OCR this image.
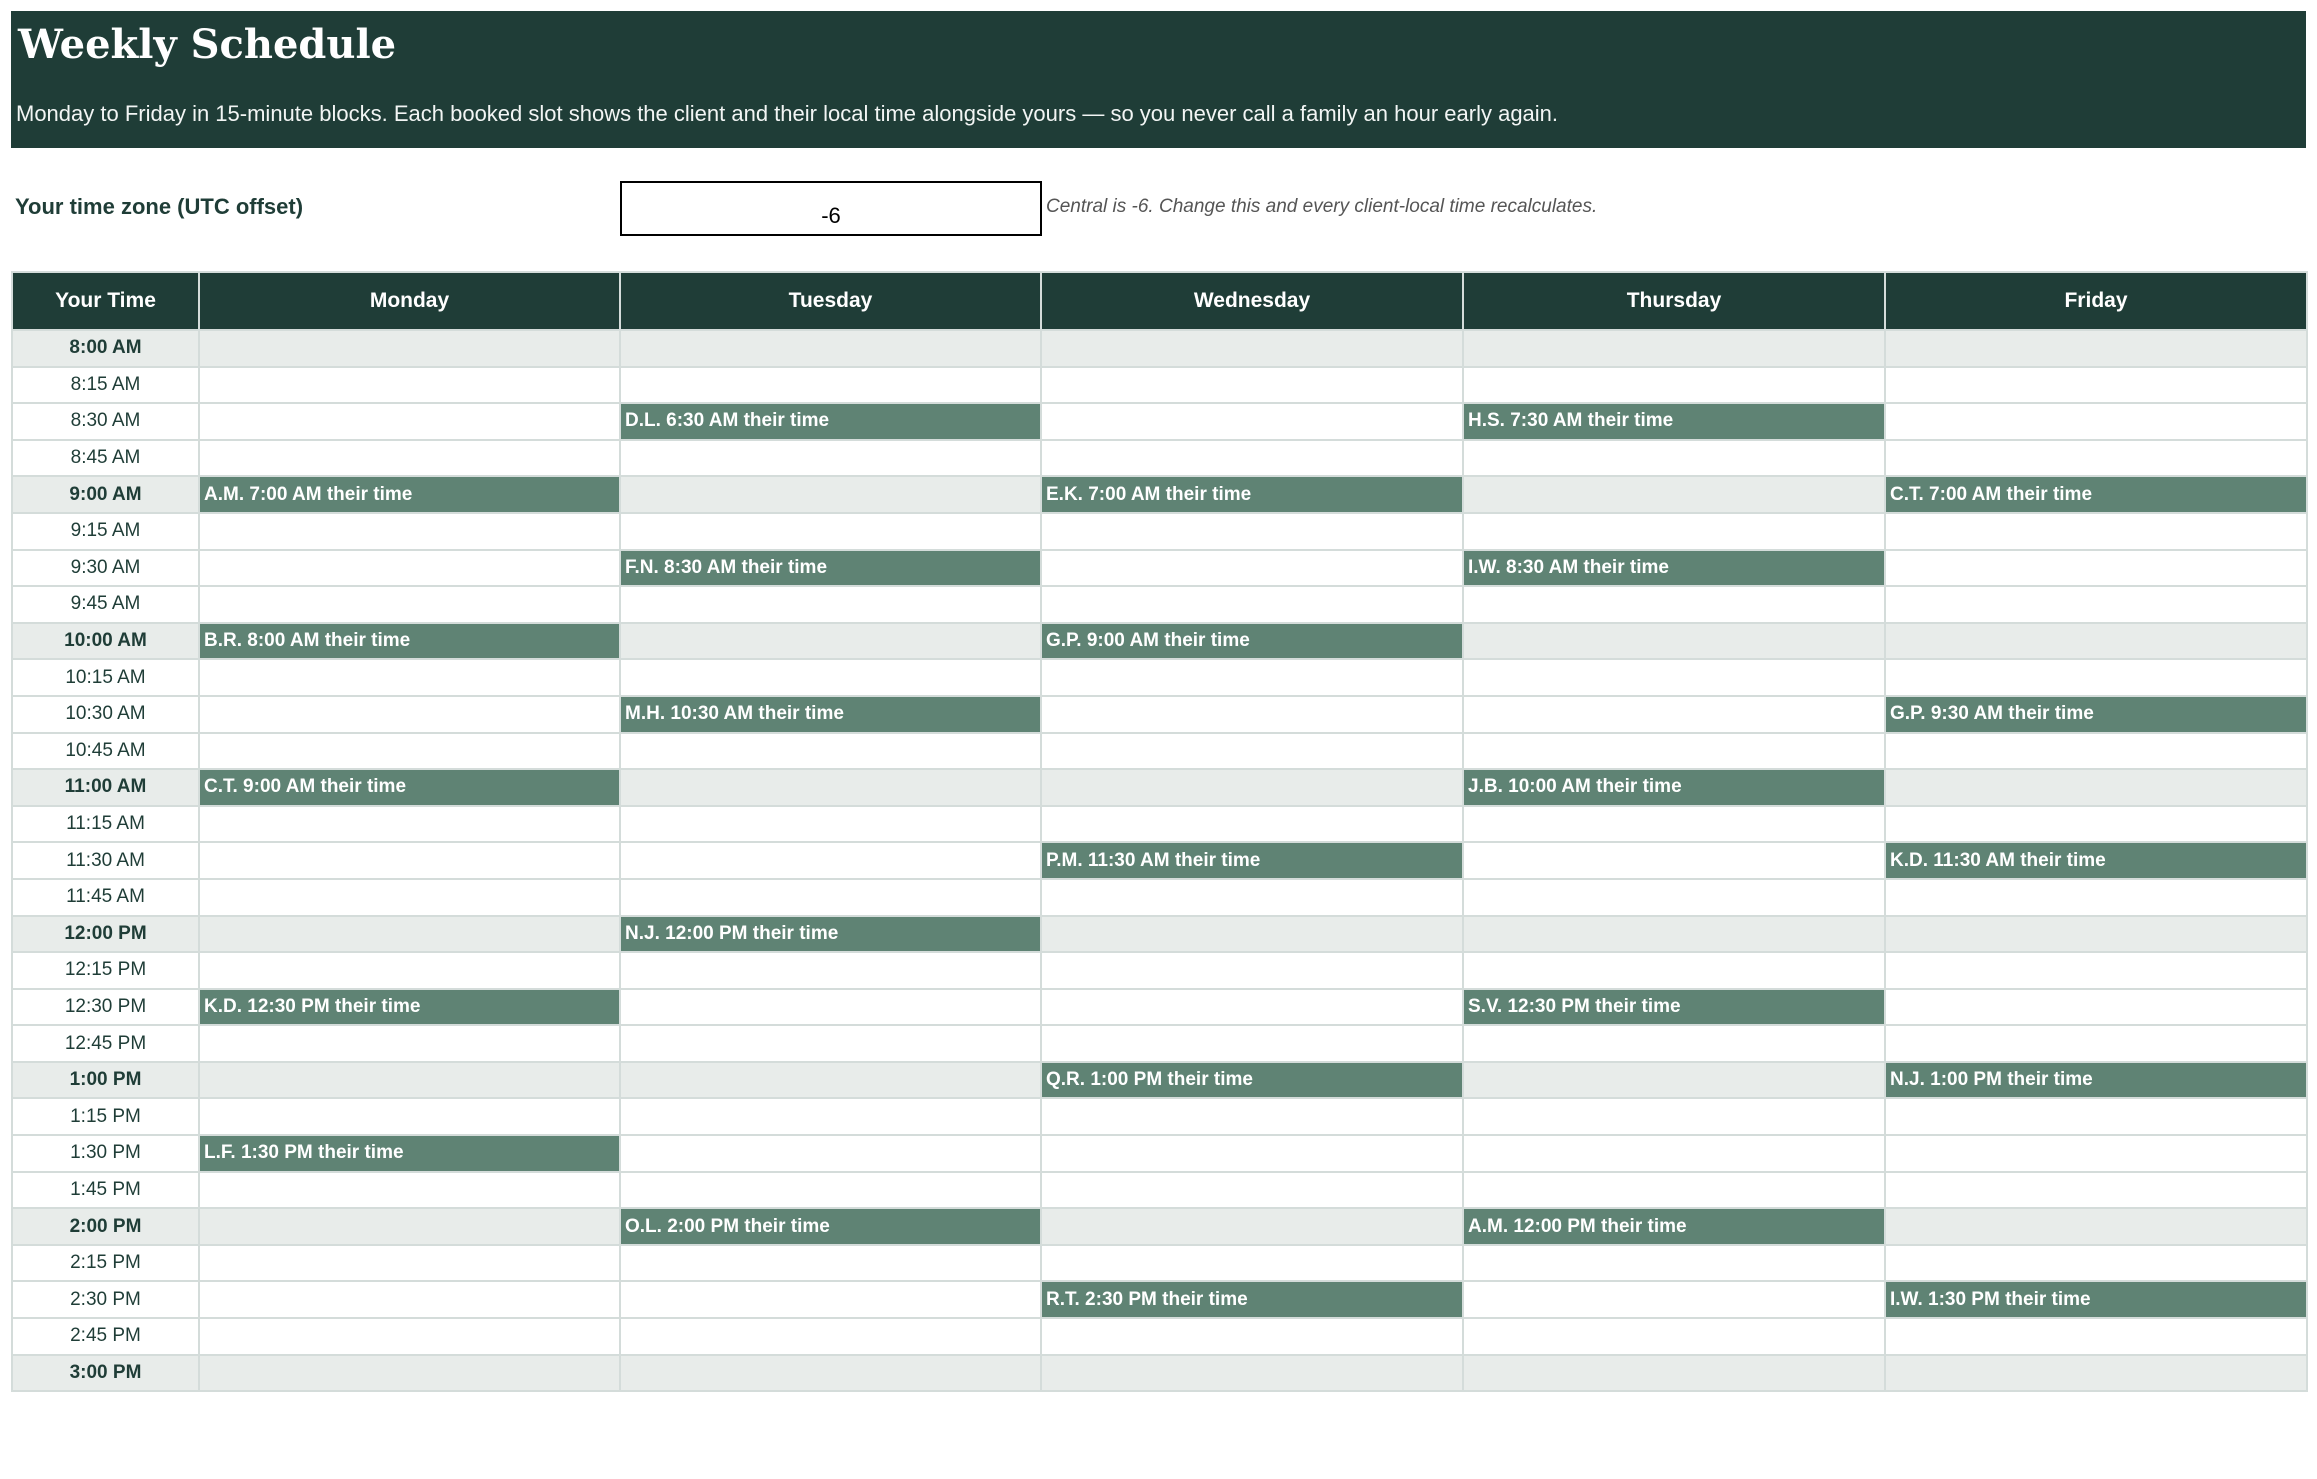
Weekly Schedule
Monday to Friday in 15-minute blocks. Each booked slot shows the client and their local time alongside yours — so you never call a family an hour early again.
Your time zone (UTC offset)	-6	Central is -6. Change this and every client-local time recalculates.
Your Time	Monday	Tuesday	Wednesday	Thursday	Friday
8:00 AM					
8:15 AM					
8:30 AM		D.L. 6:30 AM their time		H.S. 7:30 AM their time	
8:45 AM					
9:00 AM	A.M. 7:00 AM their time		E.K. 7:00 AM their time		C.T. 7:00 AM their time
9:15 AM					
9:30 AM		F.N. 8:30 AM their time		I.W. 8:30 AM their time	
9:45 AM					
10:00 AM	B.R. 8:00 AM their time		G.P. 9:00 AM their time		
10:15 AM					
10:30 AM		M.H. 10:30 AM their time			G.P. 9:30 AM their time
10:45 AM					
11:00 AM	C.T. 9:00 AM their time			J.B. 10:00 AM their time	
11:15 AM					
11:30 AM			P.M. 11:30 AM their time		K.D. 11:30 AM their time
11:45 AM					
12:00 PM		N.J. 12:00 PM their time			
12:15 PM					
12:30 PM	K.D. 12:30 PM their time			S.V. 12:30 PM their time	
12:45 PM					
1:00 PM			Q.R. 1:00 PM their time		N.J. 1:00 PM their time
1:15 PM					
1:30 PM	L.F. 1:30 PM their time				
1:45 PM					
2:00 PM		O.L. 2:00 PM their time		A.M. 12:00 PM their time	
2:15 PM					
2:30 PM			R.T. 2:30 PM their time		I.W. 1:30 PM their time
2:45 PM					
3:00 PM					
